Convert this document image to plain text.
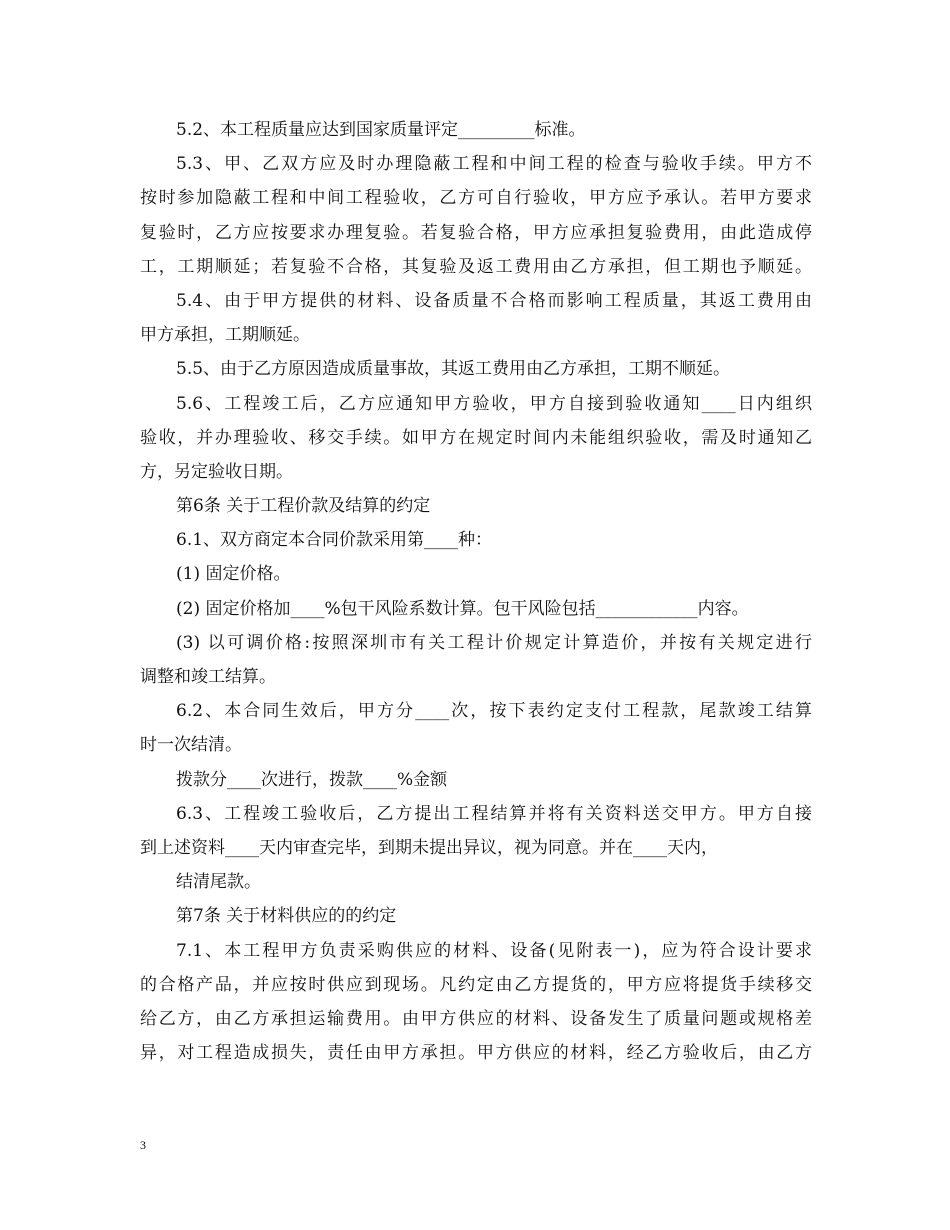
5.2、本工程质量应达到国家质量评定_________标准。
5.3、甲、乙双方应及时办理隐蔽工程和中间工程的检查与验收手续。甲方不
按时参加隐蔽工程和中间工程验收，乙方可自行验收，甲方应予承认。若甲方要求
复验时，乙方应按要求办理复验。若复验合格，甲方应承担复验费用，由此造成停
工，工期顺延；若复验不合格，其复验及返工费用由乙方承担，但工期也予顺延。
5.4、由于甲方提供的材料、设备质量不合格而影响工程质量，其返工费用由
甲方承担，工期顺延。
5.5、由于乙方原因造成质量事故，其返工费用由乙方承担，工期不顺延。
5.6、工程竣工后，乙方应通知甲方验收，甲方自接到验收通知____日内组织
验收，并办理验收、移交手续。如甲方在规定时间内未能组织验收，需及时通知乙
方，另定验收日期。
第6条 关于工程价款及结算的约定
6.1、双方商定本合同价款采用第____种：
(1) 固定价格。
(2) 固定价格加____%包干风险系数计算。包干风险包括____________内容。
(3) 以可调价格:按照深圳市有关工程计价规定计算造价，并按有关规定进行
调整和竣工结算。
6.2、本合同生效后，甲方分____次，按下表约定支付工程款，尾款竣工结算
时一次结清。
拨款分____次进行，拨款____%金额
6.3、工程竣工验收后，乙方提出工程结算并将有关资料送交甲方。甲方自接
到上述资料____天内审查完毕，到期未提出异议，视为同意。并在____天内，
结清尾款。
第7条 关于材料供应的的约定
7.1、本工程甲方负责采购供应的材料、设备(见附表一)，应为符合设计要求
的合格产品，并应按时供应到现场。凡约定由乙方提货的，甲方应将提货手续移交
给乙方，由乙方承担运输费用。由甲方供应的材料、设备发生了质量问题或规格差
异，对工程造成损失，责任由甲方承担。甲方供应的材料，经乙方验收后，由乙方
3
